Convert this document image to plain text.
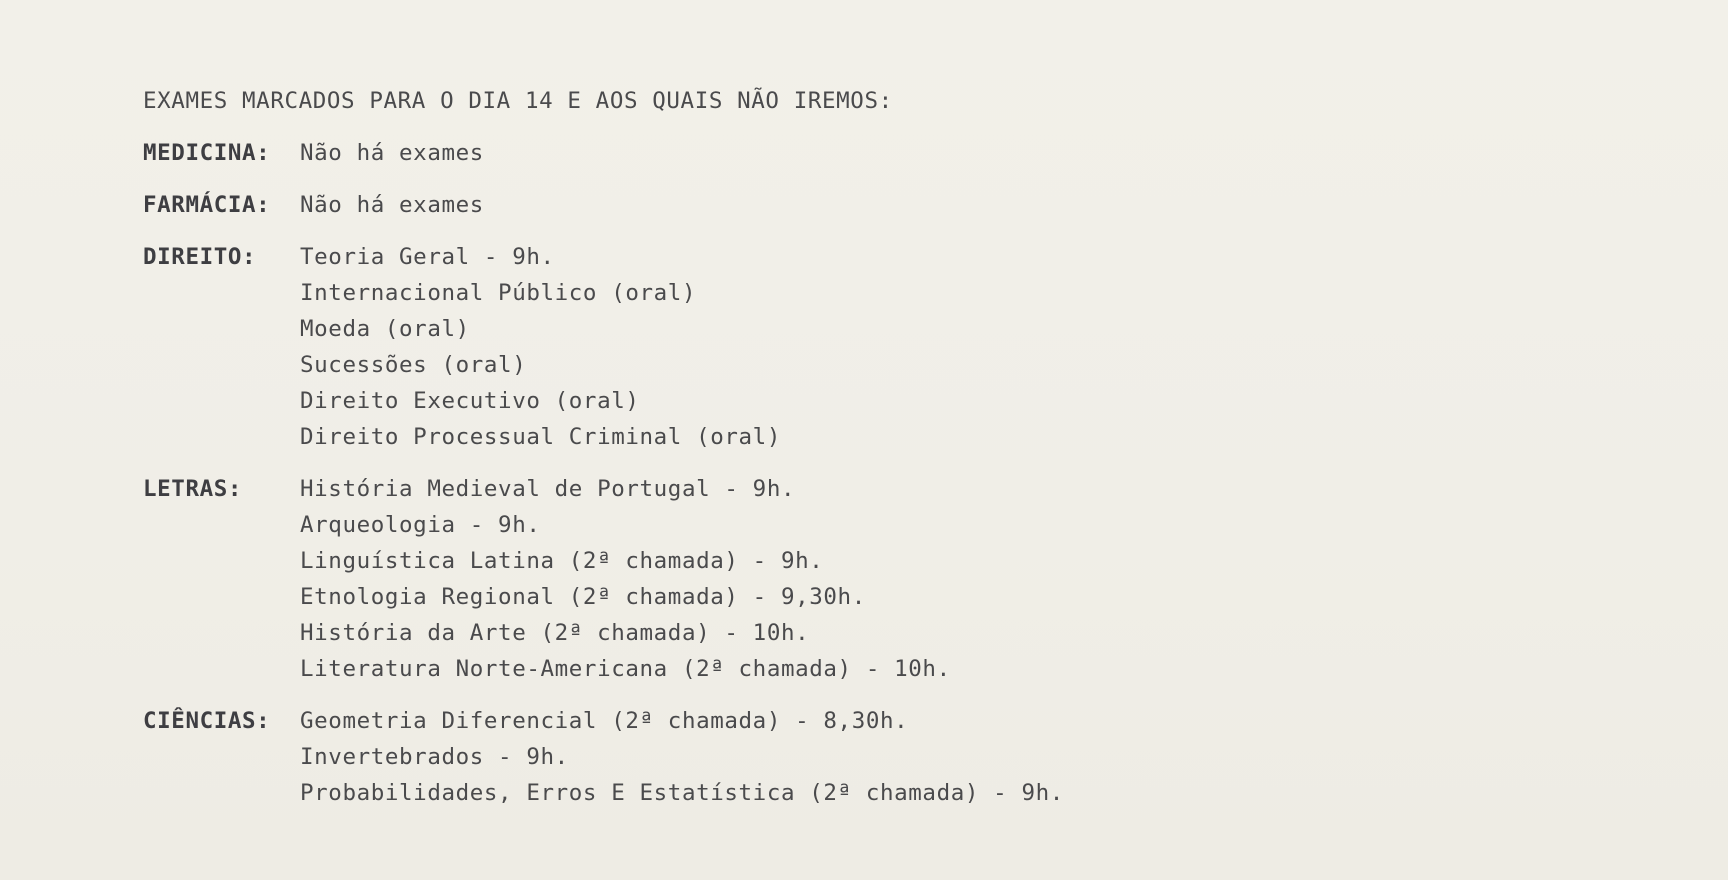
EXAMES MARCADOS PARA O DIA 14 E AOS QUAIS NÃO IREMOS:
MEDICINA: Não há exames
FARMÁCIA: Não há exames
DIREITO: Teoria Geral - 9h.
Internacional Público (oral)
Moeda (oral)
Sucessões (oral)
Direito Executivo (oral)
Direito Processual Criminal (oral)
LETRAS:	História Medieval de Portugal - 9h.
Arqueologia - 9h.
Linguística Latina (2ª chamada) - 9h.
Etnologia Regional (2ª chamada) - 9,30h.
História da Arte (2ª chamada) - 10h.
Literatura Norte-Americana (2ª chamada) - 10h.
CIÊNCIAS: Geometria Diferencial (2ª chamada) - 8,30h.
Invertebrados - 9h.
Probabilidades, Erros E Estatística (2ª chamada) - 9h.
